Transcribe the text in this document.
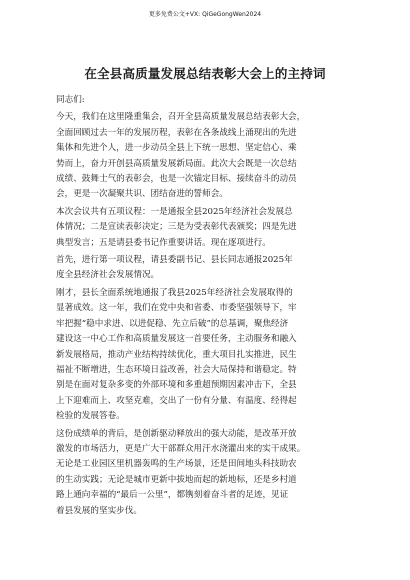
更多免费公文+VX: QiGeGongWen2024
在全县高质量发展总结表彰大会上的主持词
同志们:
今天，我们在这里隆重集会，召开全县高质量发展总结表彰大会，
全面回顾过去一年的发展历程，表彰在各条战线上涌现出的先进
集体和先进个人，进一步动员全县上下统一思想、坚定信心、乘
势而上，奋力开创县高质量发展新局面。此次大会既是一次总结
成绩、鼓舞士气的表彰会，也是一次锚定目标、接续奋斗的动员
会，更是一次凝聚共识、团结奋进的誓师会。
本次会议共有五项议程：一是通报全县2025年经济社会发展总
体情况；二是宣读表彰决定；三是为受表彰代表颁奖；四是先进
典型发言；五是请县委书记作重要讲话。现在逐项进行。
首先，进行第一项议程，请县委副书记、县长同志通报2025年
度全县经济社会发展情况。
刚才，县长全面系统地通报了我县2025年经济社会发展取得的
显著成效。这一年，我们在党中央和省委、市委坚强领导下，牢
牢把握“稳中求进、以进促稳、先立后破”的总基调，聚焦经济
建设这一中心工作和高质量发展这一首要任务，主动服务和融入
新发展格局，推动产业结构持续优化，重大项目扎实推进，民生
福祉不断增进，生态环境日益改善，社会大局保持和谐稳定。特
别是在面对复杂多变的外部环境和多重超预期因素冲击下，全县
上下迎难而上、攻坚克难，交出了一份有分量、有温度、经得起
检验的发展答卷。
这份成绩单的背后，是创新驱动释放出的强大动能，是改革开放
激发的市场活力，更是广大干部群众用汗水浇灌出来的实干成果。
无论是工业园区里机器轰鸣的生产场景，还是田间地头科技助农
的生动实践；无论是城市更新中拔地而起的新地标，还是乡村道
路上通向幸福的“最后一公里”，都镌刻着奋斗者的足迹，见证
着县发展的坚实步伐。
